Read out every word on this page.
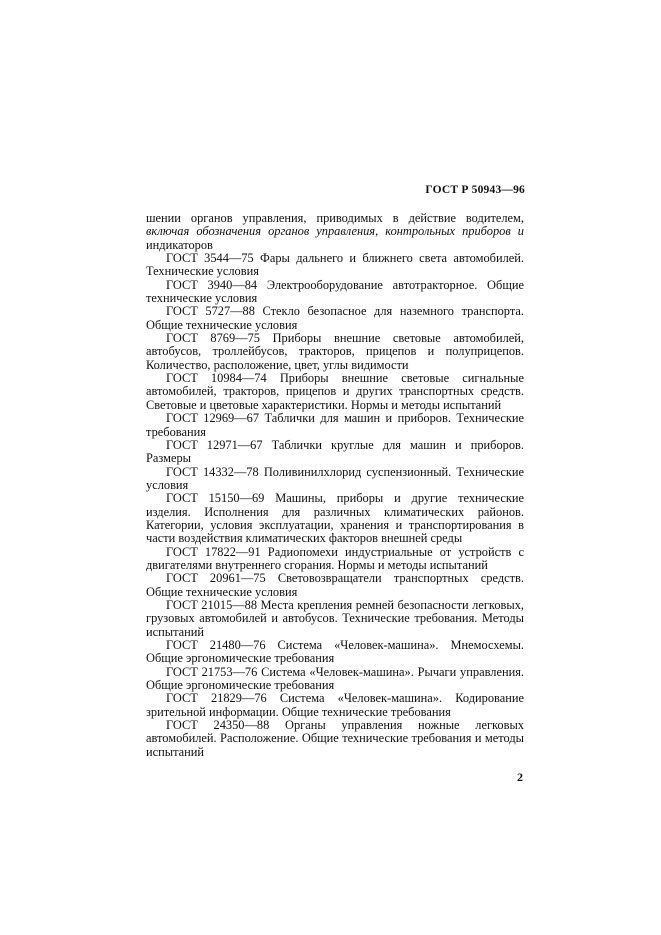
ГОСТ Р 50943—96

шении органов управления, приводимых в действие водителем, включая обозначения органов управления, контрольных приборов и индикаторов

ГОСТ 3544—75 Фары дальнего и ближнего света автомобилей. Технические условия

ГОСТ 3940—84 Электрооборудование автотракторное. Общие технические условия

ГОСТ 5727—88 Стекло безопасное для наземного транспорта. Общие технические условия

ГОСТ 8769—75 Приборы внешние световые автомобилей, автобусов, троллейбусов, тракторов, прицепов и полуприцепов. Количество, расположение, цвет, углы видимости

ГОСТ 10984—74 Приборы внешние световые сигнальные автомобилей, тракторов, прицепов и других транспортных средств. Световые и цветовые характеристики. Нормы и методы испытаний

ГОСТ 12969—67 Таблички для машин и приборов. Технические требования

ГОСТ 12971—67 Таблички круглые для машин и приборов. Размеры

ГОСТ 14332—78 Поливинилхлорид суспензионный. Технические условия

ГОСТ 15150—69 Машины, приборы и другие технические изделия. Исполнения для различных климатических районов. Категории, условия эксплуатации, хранения и транспортирования в части воздействия климатических факторов внешней среды

ГОСТ 17822—91 Радиопомехи индустриальные от устройств с двигателями внутреннего сгорания. Нормы и методы испытаний

ГОСТ 20961—75 Световозвращатели транспортных средств. Общие технические условия

ГОСТ 21015—88 Места крепления ремней безопасности легковых, грузовых автомобилей и автобусов. Технические требования. Методы испытаний

ГОСТ 21480—76 Система «Человек-машина». Мнемосхемы. Общие эргономические требования

ГОСТ 21753—76 Система «Человек-машина». Рычаги управления. Общие эргономические требования

ГОСТ 21829—76 Система «Человек-машина». Кодирование зрительной информации. Общие технические требования

ГОСТ 24350—88 Органы управления ножные легковых автомобилей. Расположение. Общие технические требования и методы испытаний

2
